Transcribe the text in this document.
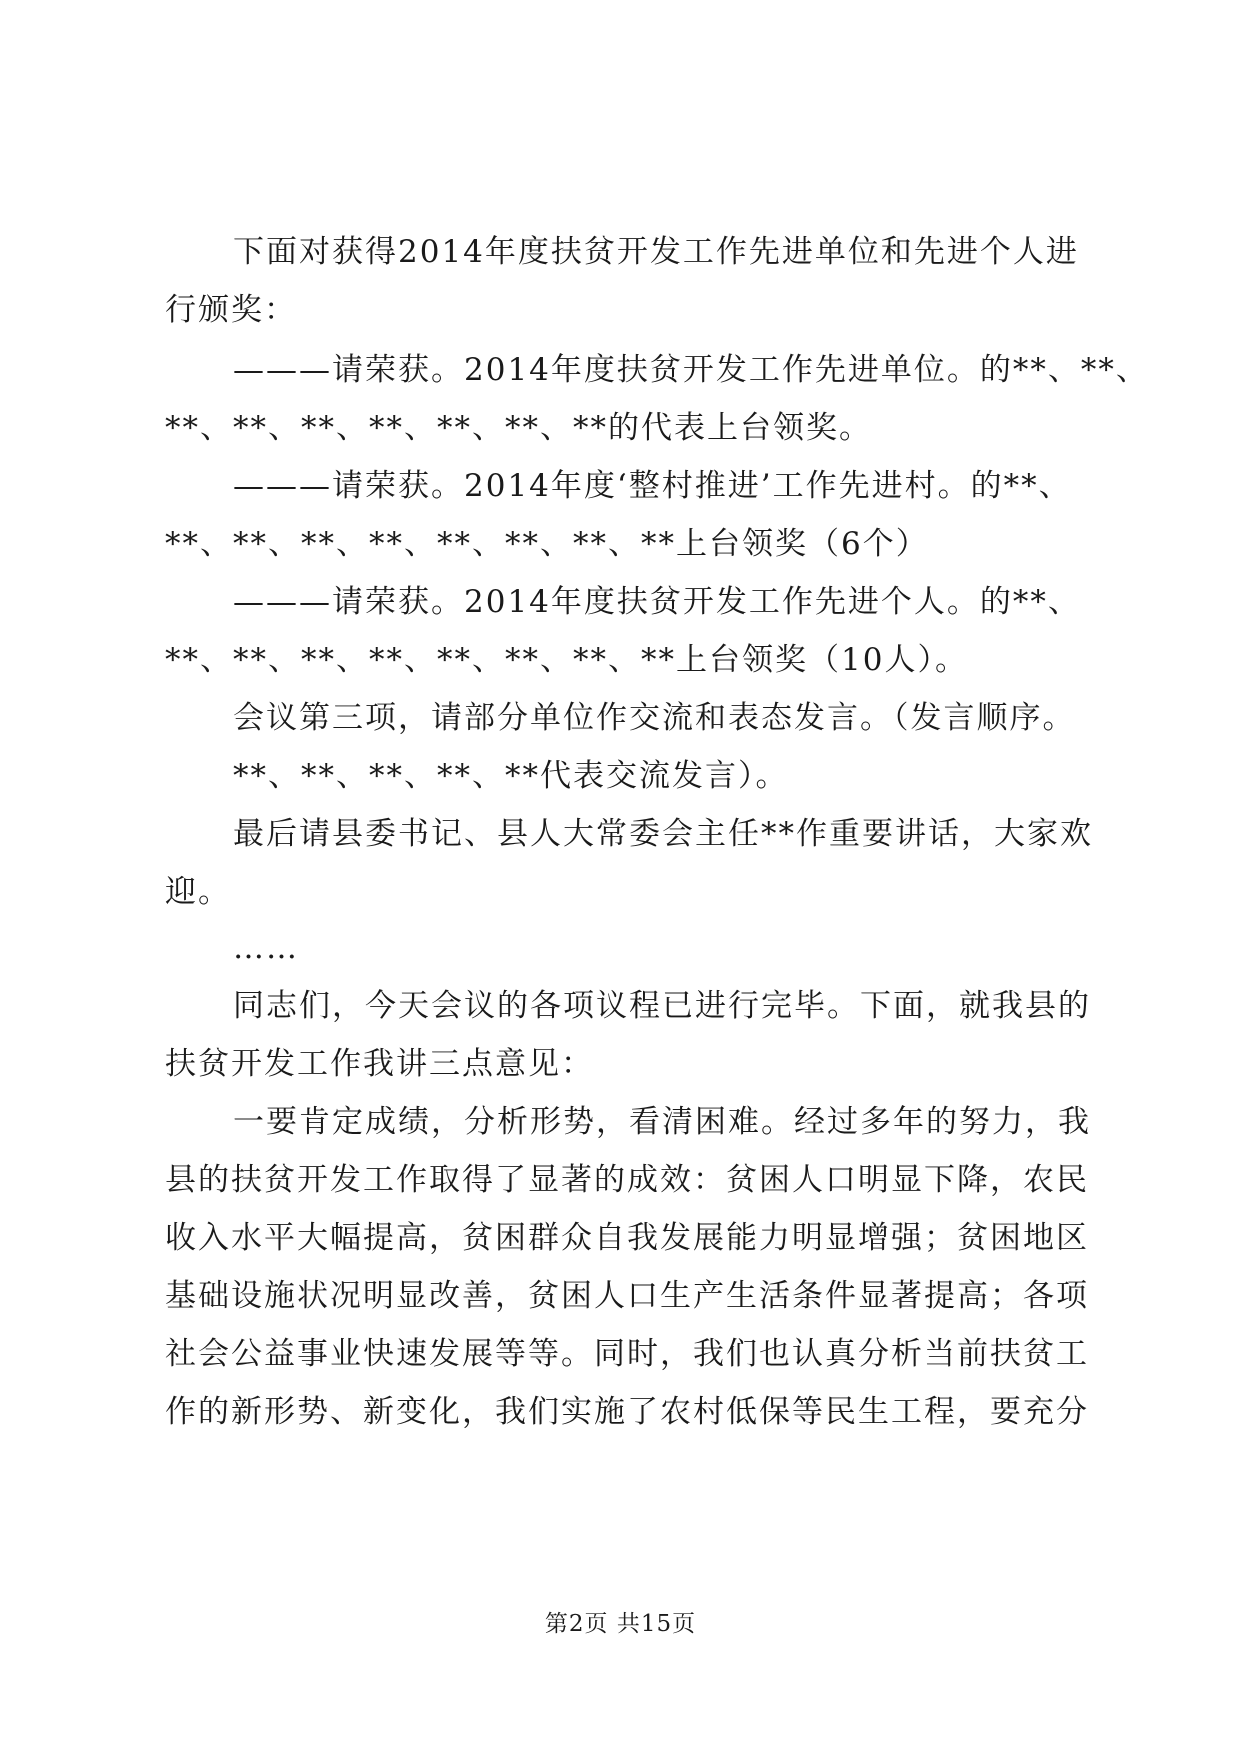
下面对获得2014年度扶贫开发工作先进单位和先进个人进
行颁奖：
———请荣获。2014年度扶贫开发工作先进单位。的**、**、
**、**、**、**、**、**、**的代表上台领奖。
———请荣获。2014年度‘整村推进’工作先进村。的**、
**、**、**、**、**、**、**、**上台领奖（6个）
———请荣获。2014年度扶贫开发工作先进个人。的**、
**、**、**、**、**、**、**、**上台领奖（10人）。
会议第三项，请部分单位作交流和表态发言。（发言顺序。
**、**、**、**、**代表交流发言）。
最后请县委书记、县人大常委会主任**作重要讲话，大家欢
迎。
……
同志们，今天会议的各项议程已进行完毕。下面，就我县的
扶贫开发工作我讲三点意见：
一要肯定成绩，分析形势，看清困难。经过多年的努力，我
县的扶贫开发工作取得了显著的成效：贫困人口明显下降，农民
收入水平大幅提高，贫困群众自我发展能力明显增强；贫困地区
基础设施状况明显改善，贫困人口生产生活条件显著提高；各项
社会公益事业快速发展等等。同时，我们也认真分析当前扶贫工
作的新形势、新变化，我们实施了农村低保等民生工程，要充分
第2页 共15页
